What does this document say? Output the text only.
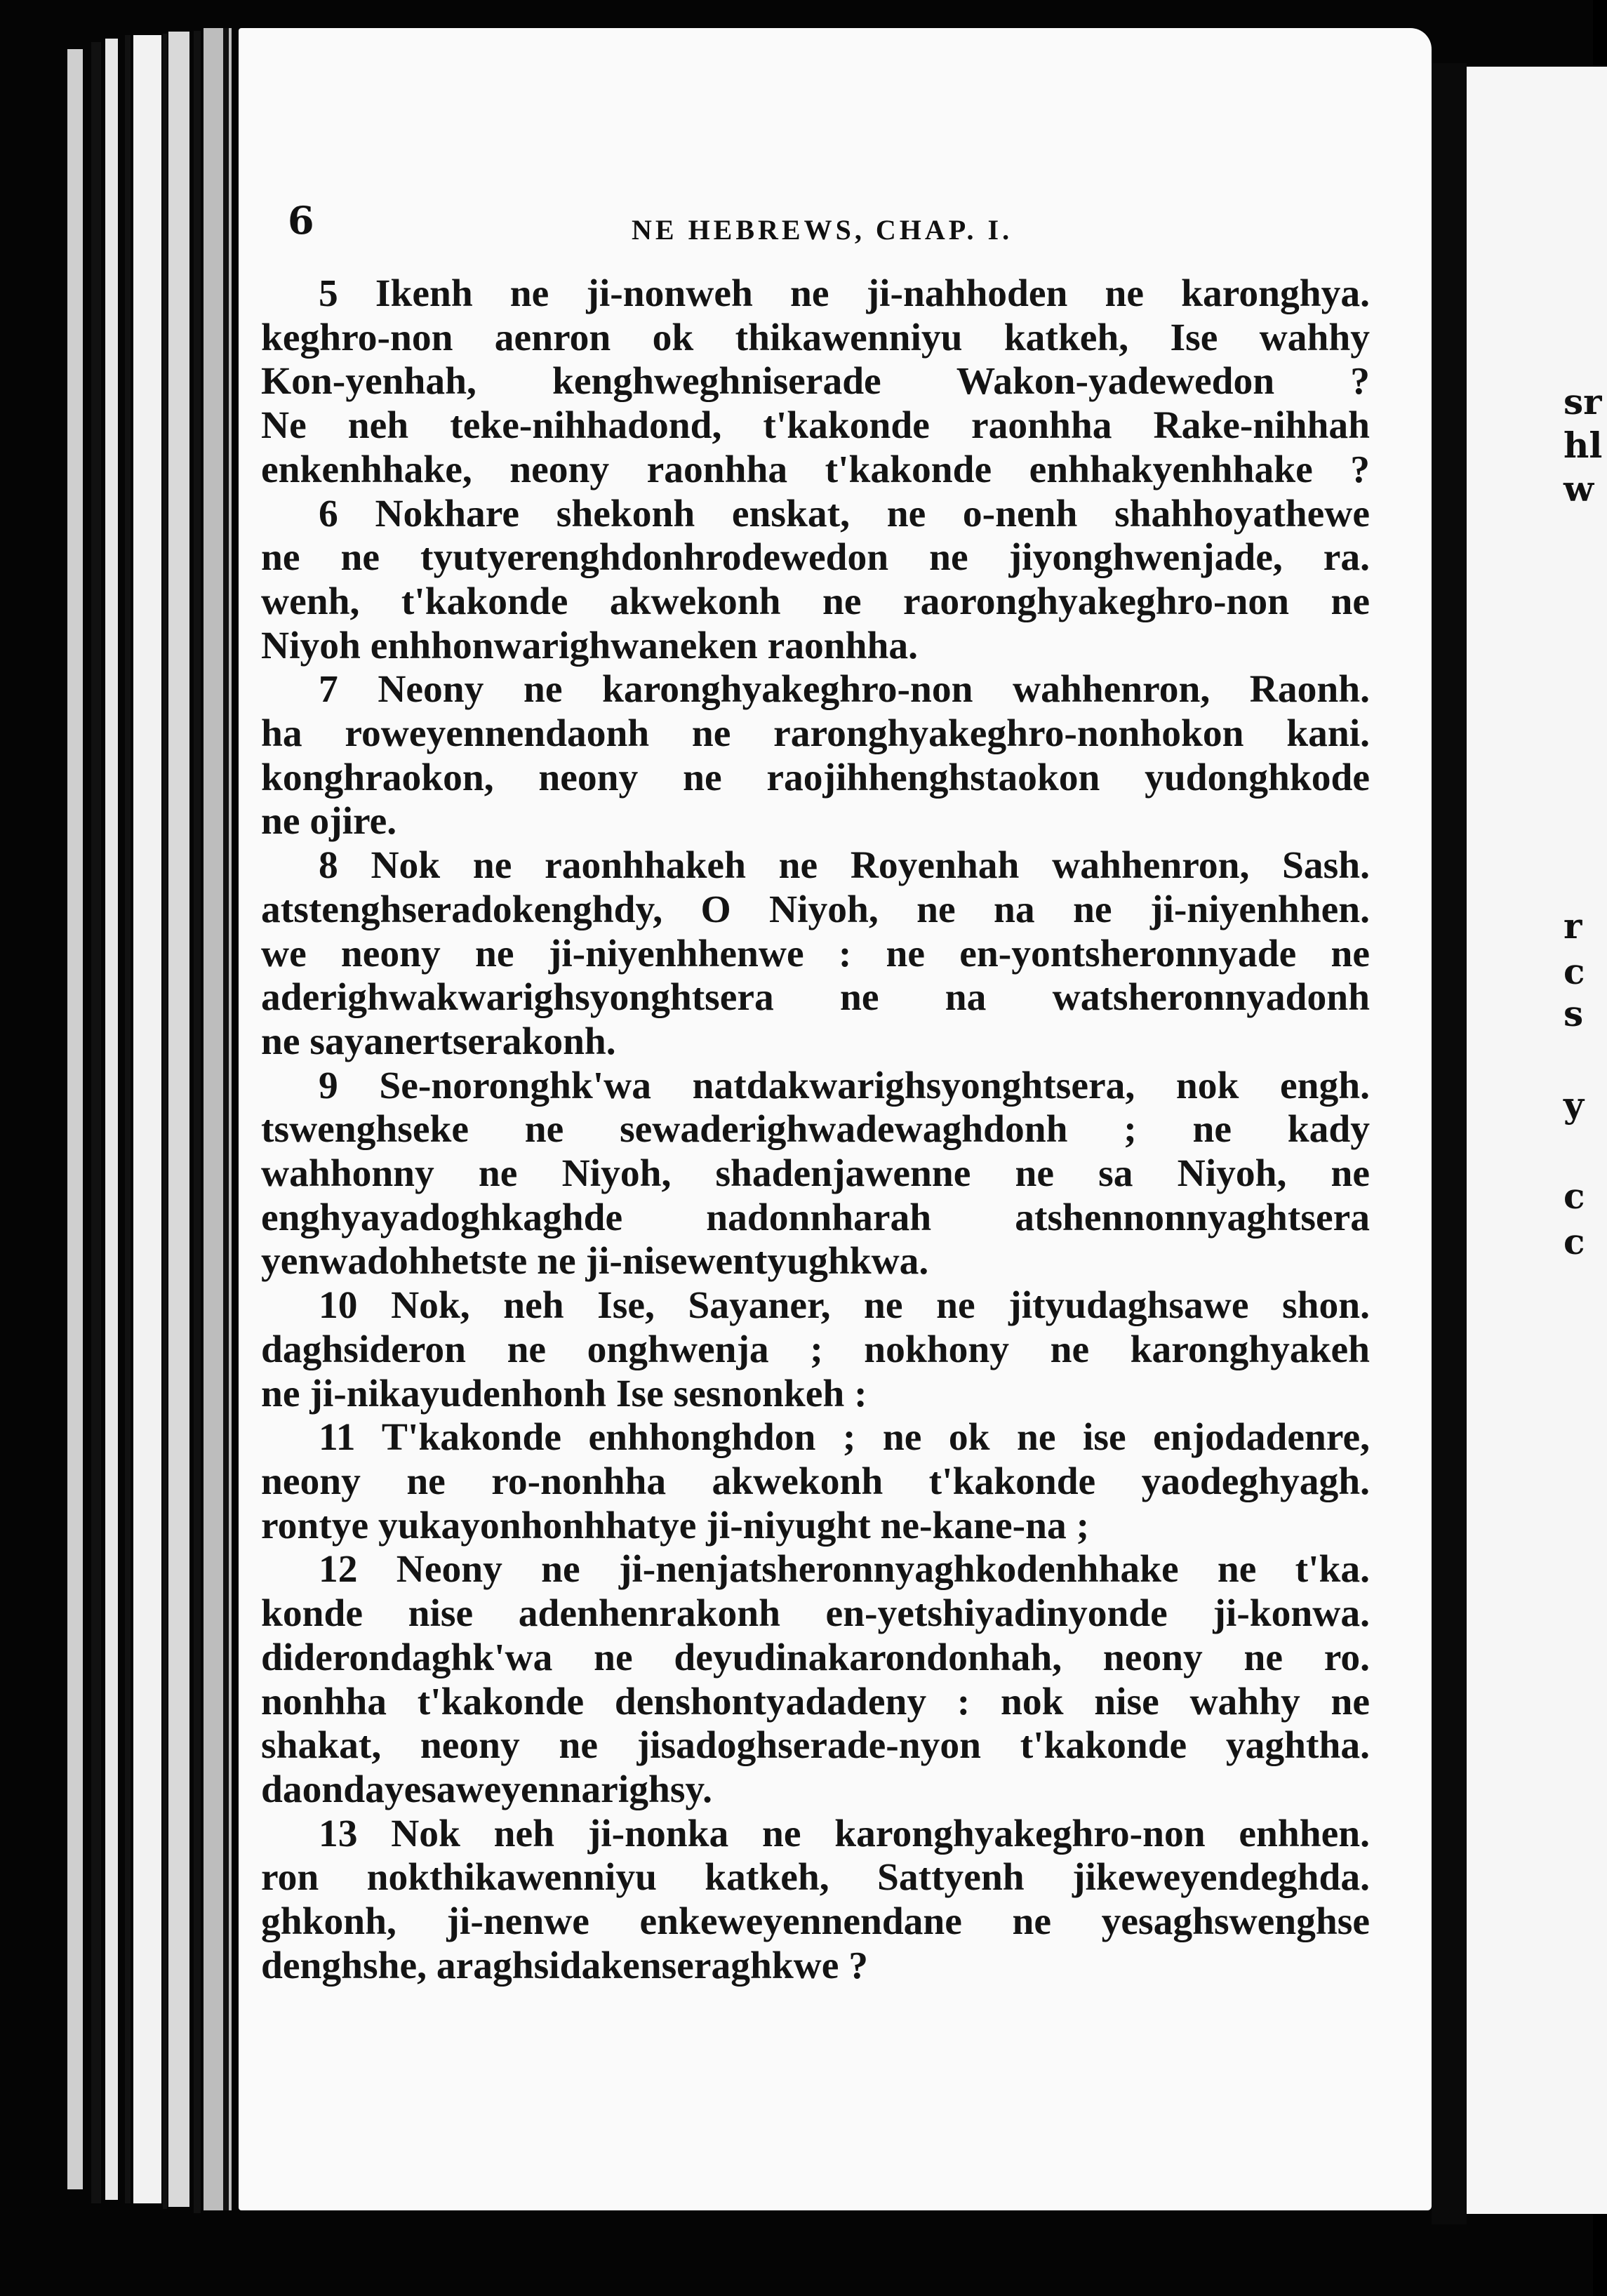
sr
hl
w
r
c
s
y
c
c
6	NE HEBREWS, CHAP. I.
5 Ikenh ne ji-nonweh ne ji-nahhoden ne karonghya.
keghro-non aenron ok thikawenniyu katkeh, Ise wahhy
Kon-yenhah, kenghweghniserade Wakon-yadewedon ?
Ne neh teke-nihhadond, t'kakonde raonhha Rake-nihhah
enkenhhake, neony raonhha t'kakonde enhhakyenhhake ?
6 Nokhare shekonh enskat, ne o-nenh shahhoyathewe
ne ne tyutyerenghdonhrodewedon ne jiyonghwenjade, ra.
wenh, t'kakonde akwekonh ne raoronghyakeghro-non ne
Niyoh enhhonwarighwaneken raonhha.
7 Neony ne karonghyakeghro-non wahhenron, Raonh.
ha roweyennendaonh ne raronghyakeghro-nonhokon kani.
konghraokon, neony ne raojihhenghstaokon yudonghkode
ne ojire.
8 Nok ne raonhhakeh ne Royenhah wahhenron, Sash.
atstenghseradokenghdy, O Niyoh, ne na ne ji-niyenhhen.
we neony ne ji-niyenhhenwe : ne en-yontsheronnyade ne
aderighwakwarighsyonghtsera ne na watsheronnyadonh
ne sayanertserakonh.
9 Se-noronghk'wa natdakwarighsyonghtsera, nok engh.
tswenghseke ne sewaderighwadewaghdonh ; ne kady
wahhonny ne Niyoh, shadenjawenne ne sa Niyoh, ne
enghyayadoghkaghde nadonnharah atshennonnyaghtsera
yenwadohhetste ne ji-nisewentyughkwa.
10 Nok, neh Ise, Sayaner, ne ne jityudaghsawe shon.
daghsideron ne onghwenja ; nokhony ne karonghyakeh
ne ji-nikayudenhonh Ise sesnonkeh :
11 T'kakonde enhhonghdon ; ne ok ne ise enjodadenre,
neony ne ro-nonhha akwekonh t'kakonde yaodeghyagh.
rontye yukayonhonhhatye ji-niyught ne-kane-na ;
12 Neony ne ji-nenjatsheronnyaghkodenhhake ne t'ka.
konde nise adenhenrakonh en-yetshiyadinyonde ji-konwa.
diderondaghk'wa ne deyudinakarondonhah, neony ne ro.
nonhha t'kakonde denshontyadadeny : nok nise wahhy ne
shakat, neony ne jisadoghserade-nyon t'kakonde yaghtha.
daondayesaweyennarighsy.
13 Nok neh ji-nonka ne karonghyakeghro-non enhhen.
ron nokthikawenniyu katkeh, Sattyenh jikeweyendeghda.
ghkonh, ji-nenwe enkeweyennendane ne yesaghswenghse
denghshe, araghsidakenseraghkwe ?
